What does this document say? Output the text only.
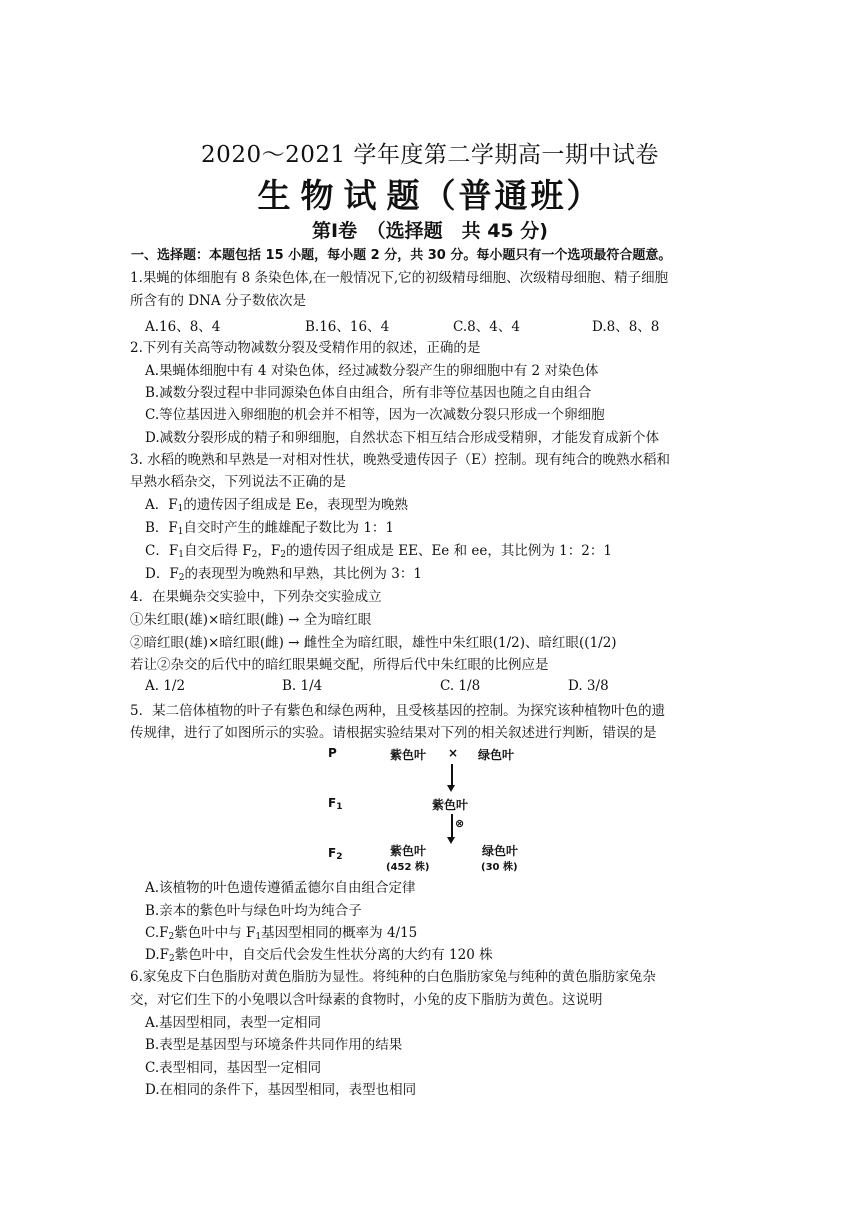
2020～2021 学年度第二学期高一期中试卷
生物试题（普通班）
第Ⅰ卷　（选择题　共 45 分)
一、选择题：本题包括 15 小题，每小题 2 分，共 30 分。每小题只有一个选项最符合题意。
1.果蝇的体细胞有 8 条染色体,在一般情况下,它的初级精母细胞、次级精母细胞、精子细胞
所含有的 DNA 分子数依次是
A.16、8、4	B.16、16、4	C.8、4、4	D.8、8、8
2.下列有关高等动物减数分裂及受精作用的叙述，正确的是
A.果蝇体细胞中有 4 对染色体，经过减数分裂产生的卵细胞中有 2 对染色体
B.减数分裂过程中非同源染色体自由组合，所有非等位基因也随之自由组合
C.等位基因进入卵细胞的机会并不相等，因为一次减数分裂只形成一个卵细胞
D.减数分裂形成的精子和卵细胞，自然状态下相互结合形成受精卵，才能发育成新个体
3. 水稻的晚熟和早熟是一对相对性状，晚熟受遗传因子（E）控制。现有纯合的晚熟水稻和
早熟水稻杂交，下列说法不正确的是
A．$F_1$的遗传因子组成是 Ee，表现型为晚熟
B．$F_1$自交时产生的雌雄配子数比为 1：1
C．$F_1$自交后得 $F_2$，$F_2$的遗传因子组成是 EE、Ee 和 ee，其比例为 1：2：1
D．$F_2$的表现型为晚熟和早熟，其比例为 3：1
4．在果蝇杂交实验中，下列杂交实验成立
①朱红眼(雄)×暗红眼(雌) → 全为暗红眼
②暗红眼(雄)×暗红眼(雌) → 雌性全为暗红眼，雄性中朱红眼(1/2)、暗红眼((1/2)
若让②杂交的后代中的暗红眼果蝇交配，所得后代中朱红眼的比例应是
A. 1/2	B. 1/4	C. 1/8	D. 3/8
5．某二倍体植物的叶子有紫色和绿色两种，且受核基因的控制。为探究该种植物叶色的遗
传规律，进行了如图所示的实验。请根据实验结果对下列的相关叙述进行判断，错误的是
P	紫色叶 × 绿色叶
$F_1$	紫色叶
⊗
$F_2$	紫色叶
(452 株)
绿色叶
(30 株)
A.该植物的叶色遗传遵循孟德尔自由组合定律
B.亲本的紫色叶与绿色叶均为纯合子
$C.F_2$紫色叶中与 $F_1$基因型相同的概率为 4/15
$D.F_2$紫色叶中，自交后代会发生性状分离的大约有 120 株
6.家兔皮下白色脂肪对黄色脂肪为显性。将纯种的白色脂肪家兔与纯种的黄色脂肪家兔杂
交，对它们生下的小兔喂以含叶绿素的食物时，小兔的皮下脂肪为黄色。这说明
A.基因型相同，表型一定相同
B.表型是基因型与环境条件共同作用的结果
C.表型相同，基因型一定相同
D.在相同的条件下，基因型相同，表型也相同
